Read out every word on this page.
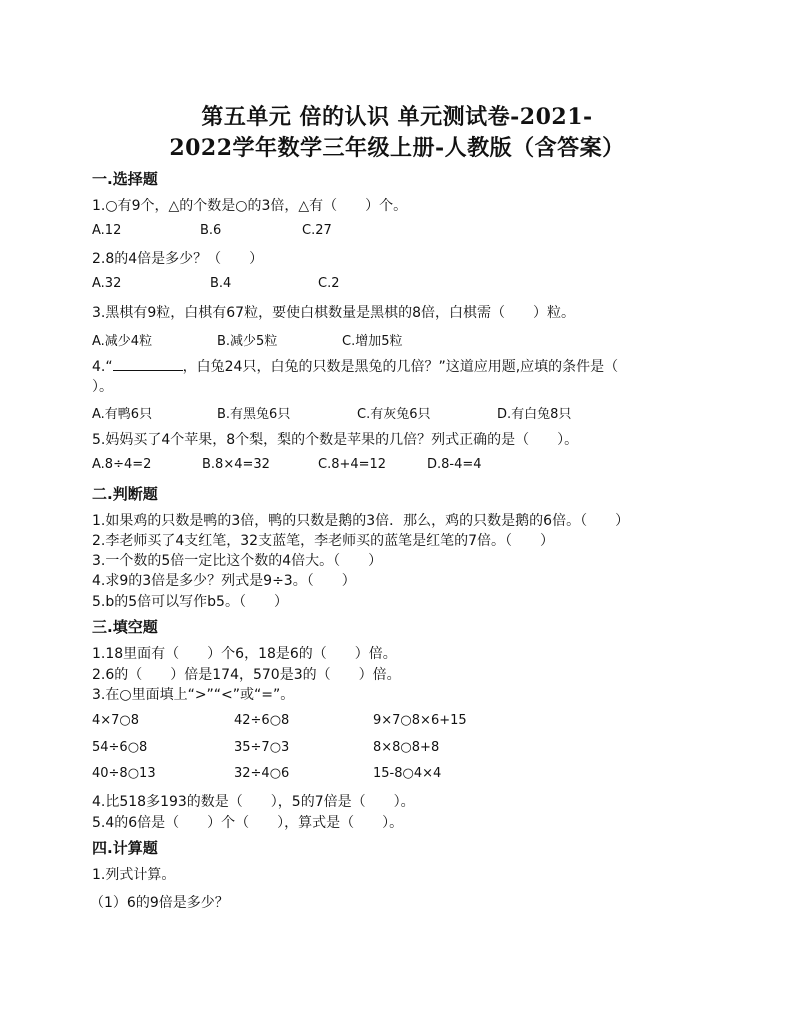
第五单元 倍的认识 单元测试卷-2021-
2022学年数学三年级上册-人教版（含答案）
一.选择题
1.○有9个，△的个数是○的3倍，△有（　　）个。
A.12	B.6	C.27
2.8的4倍是多少？（　　）
A.32	B.4	C.2
3.黑棋有9粒，白棋有67粒，要使白棋数量是黑棋的8倍，白棋需（　　）粒。
A.减少4粒	B.减少5粒	C.增加5粒
4.“	，白兔24只，白兔的只数是黑兔的几倍？”这道应用题,应填的条件是（
）。
A.有鸭6只	B.有黑兔6只	C.有灰兔6只	D.有白兔8只
5.妈妈买了4个苹果，8个梨，梨的个数是苹果的几倍？列式正确的是（　　）。
A.8÷4=2	B.8×4=32	C.8+4=12	D.8-4=4
二.判断题
1.如果鸡的只数是鸭的3倍，鸭的只数是鹅的3倍．那么，鸡的只数是鹅的6倍。（　　）
2.李老师买了4支红笔，32支蓝笔，李老师买的蓝笔是红笔的7倍。（　　）
3.一个数的5倍一定比这个数的4倍大。（　　）
4.求9的3倍是多少？列式是9÷3。（　　）
5.b的5倍可以写作b5。（　　）
三.填空题
1.18里面有（　　）个6，18是6的（　　）倍。
2.6的（　　）倍是174，570是3的（　　）倍。
3.在○里面填上“>”“<”或“=”。
4×7○8	42÷6○8	9×7○8×6+15
54÷6○8	35÷7○3	8×8○8+8
40÷8○13	32÷4○6	15-8○4×4
4.比518多193的数是（　　），5的7倍是（　　）。
5.4的6倍是（　　）个（　　），算式是（　　）。
四.计算题
1.列式计算。
（1）6的9倍是多少？
